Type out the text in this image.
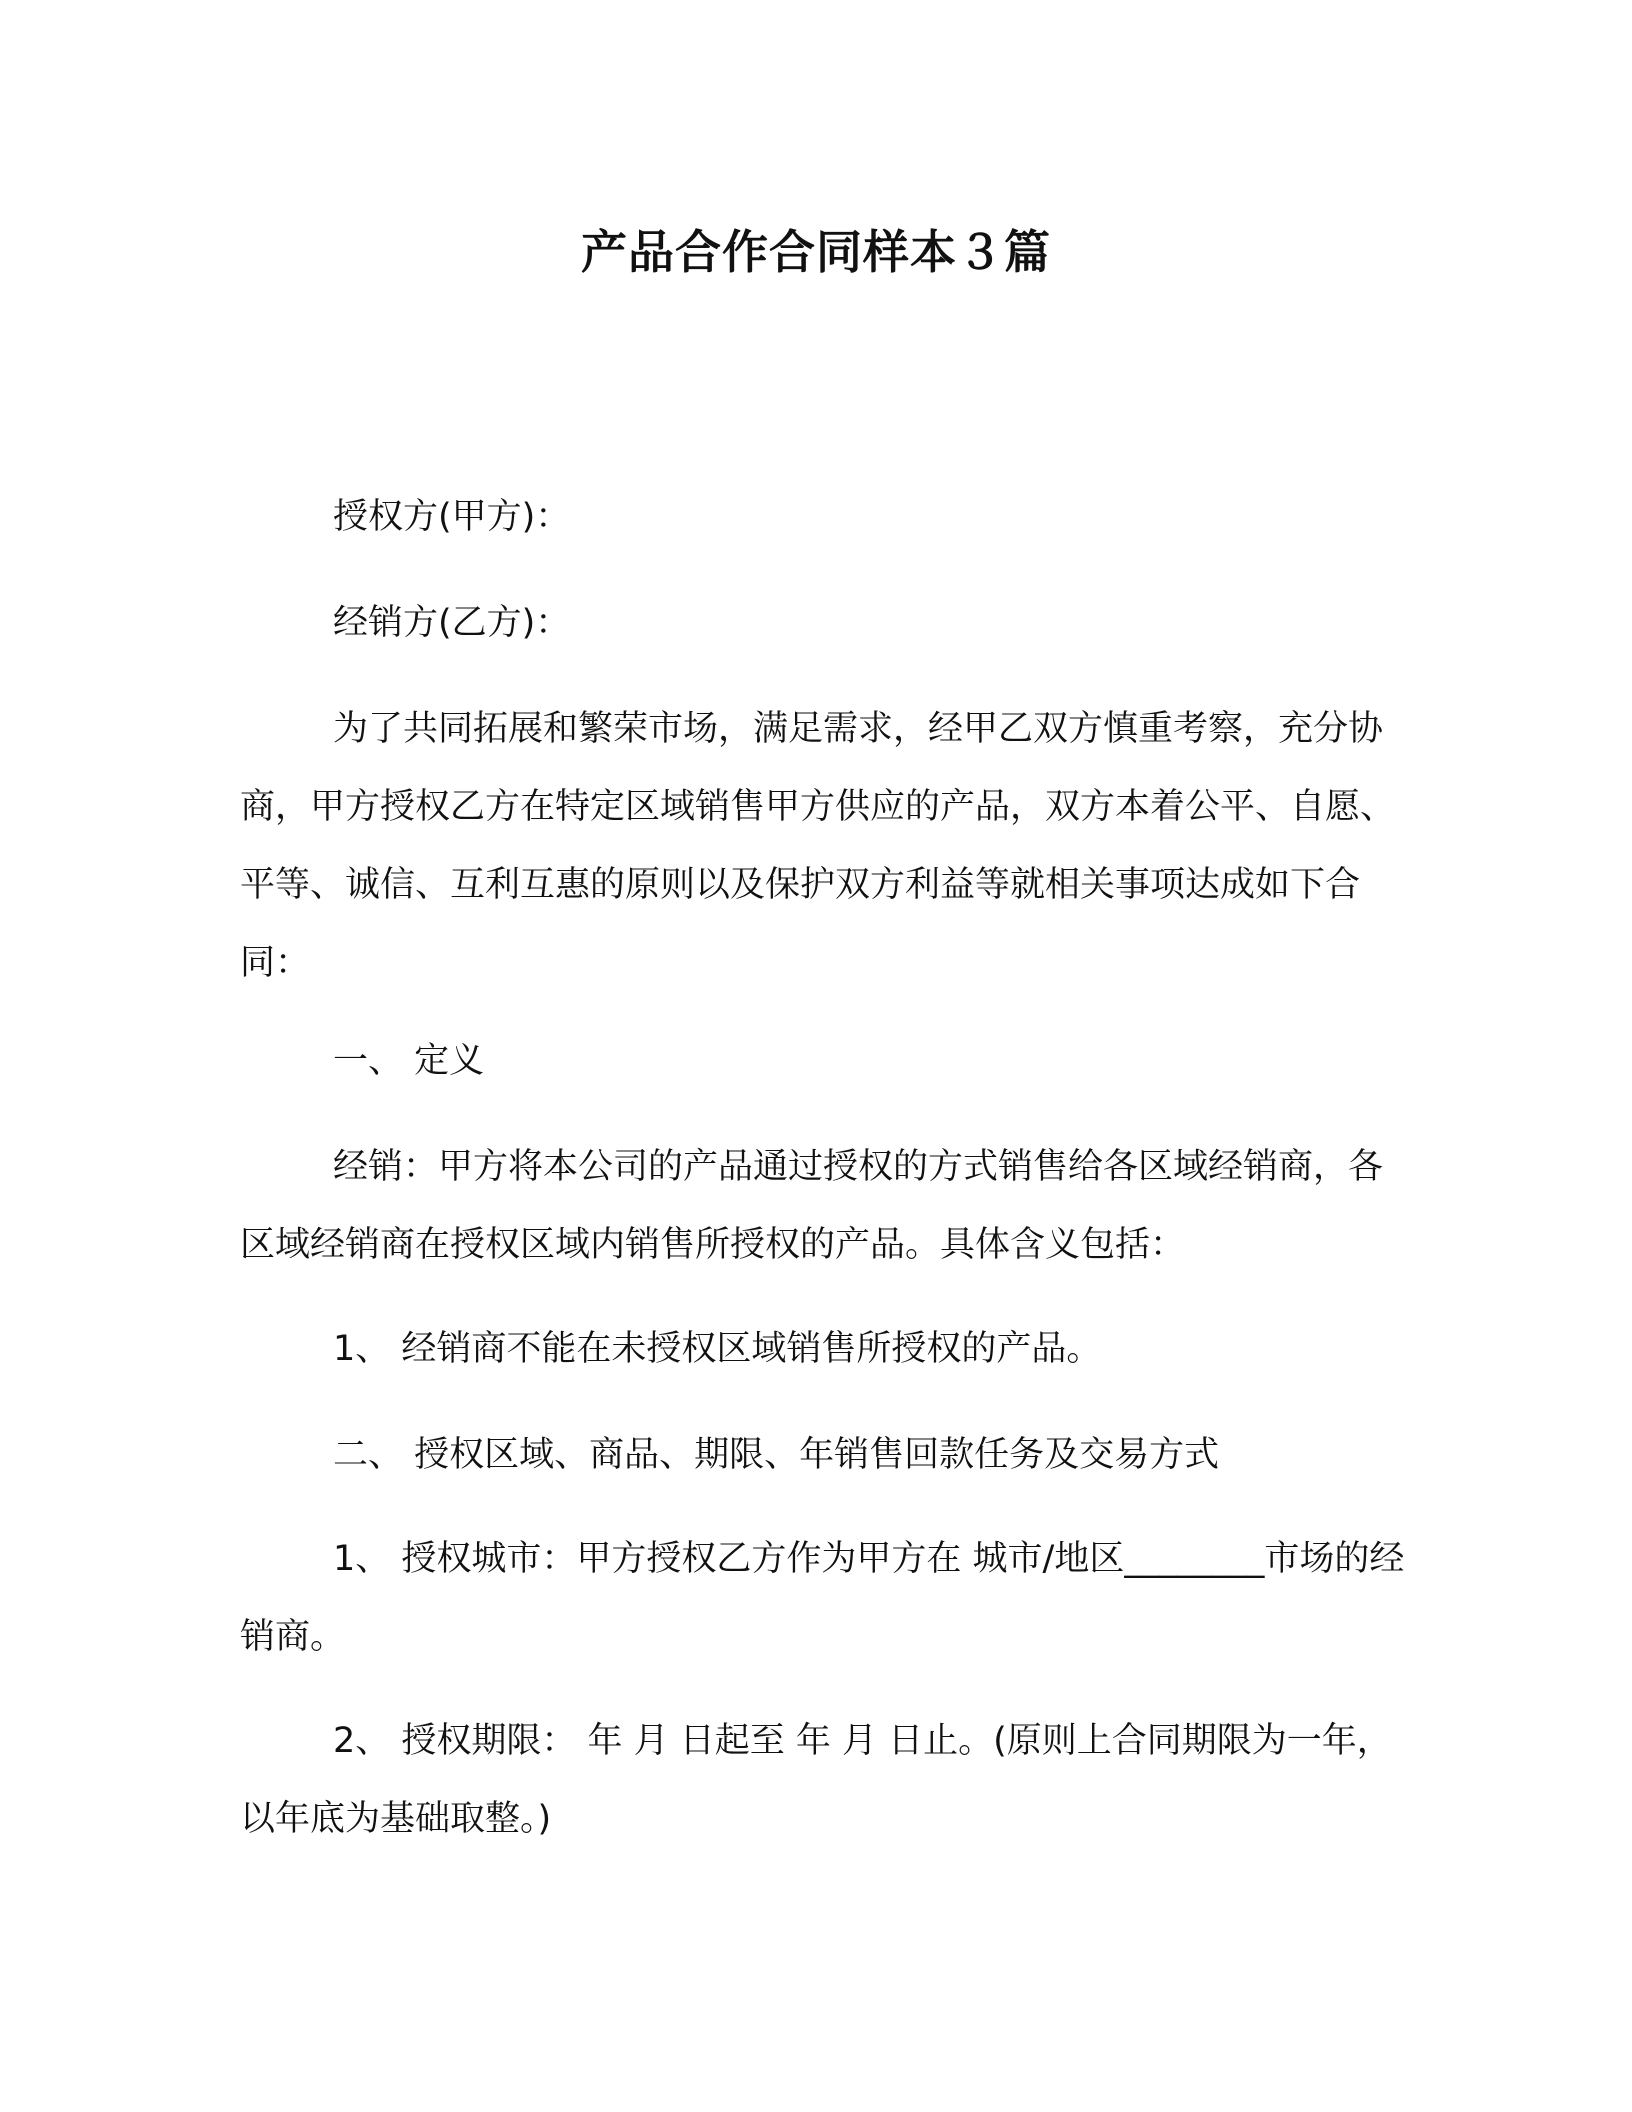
产品合作合同样本３篇

授权方(甲方)：

经销方(乙方)：

为了共同拓展和繁荣市场，满足需求，经甲乙双方慎重考察，充分协商，甲方授权乙方在特定区域销售甲方供应的产品，双方本着公平、自愿、平等、诚信、互利互惠的原则以及保护双方利益等就相关事项达成如下合同：

一、 定义

经销：甲方将本公司的产品通过授权的方式销售给各区域经销商，各区域经销商在授权区域内销售所授权的产品。具体含义包括：

1、 经销商不能在未授权区域销售所授权的产品。

二、 授权区域、商品、期限、年销售回款任务及交易方式

1、 授权城市：甲方授权乙方作为甲方在 城市/地区________市场的经销商。

2、 授权期限： 年 月 日起至 年 月 日止。(原则上合同期限为一年，以年底为基础取整。)
